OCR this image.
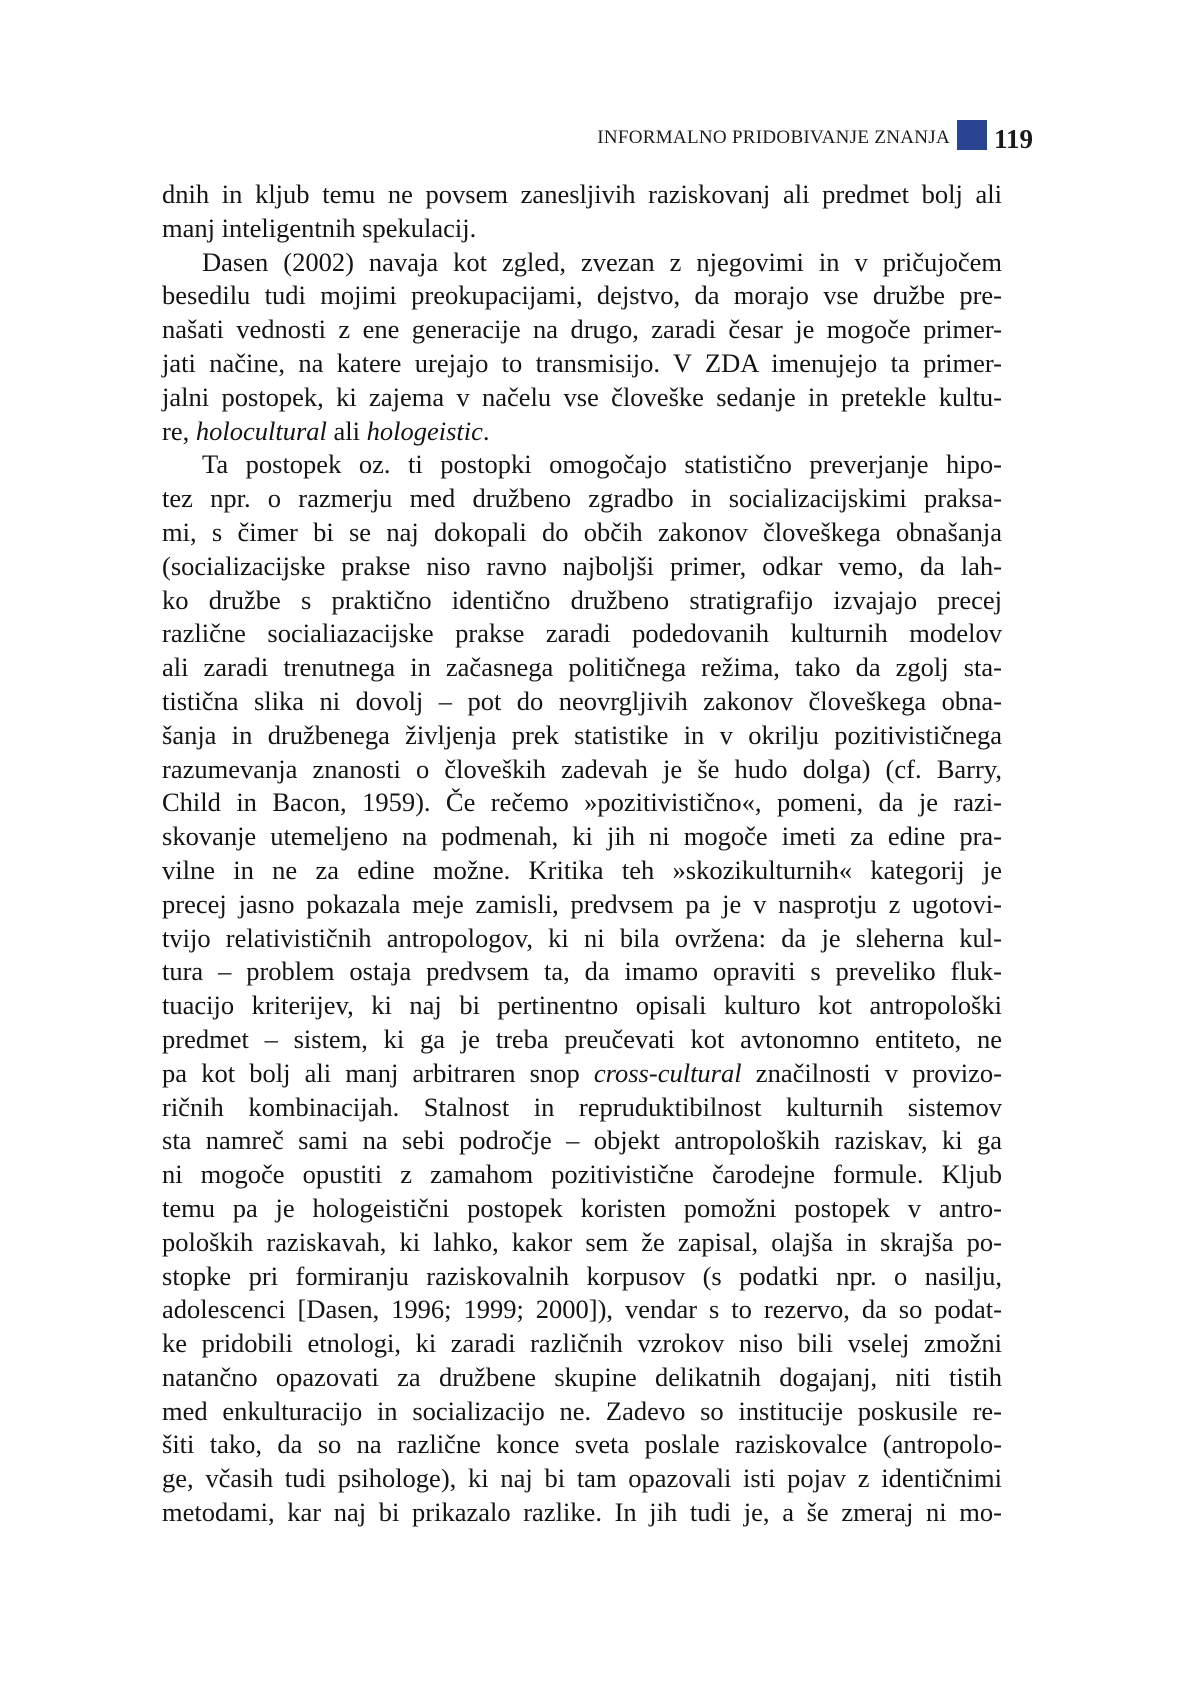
INFORMALNO PRIDOBIVANJE ZNANJA 119
dnih in kljub temu ne povsem zanesljivih raziskovanj ali predmet bolj ali
manj inteligentnih spekulacij.
Dasen (2002) navaja kot zgled, zvezan z njegovimi in v pričujočem
besedilu tudi mojimi preokupacijami, dejstvo, da morajo vse družbe pre-
našati vednosti z ene generacije na drugo, zaradi česar je mogoče primer-
jati načine, na katere urejajo to transmisijo. V ZDA imenujejo ta primer-
jalni postopek, ki zajema v načelu vse človeške sedanje in pretekle kultu-
re, holocultural ali hologeistic.
Ta postopek oz. ti postopki omogočajo statistično preverjanje hipo-
tez npr. o razmerju med družbeno zgradbo in socializacijskimi praksa-
mi, s čimer bi se naj dokopali do občih zakonov človeškega obnašanja
(socializacijske prakse niso ravno najboljši primer, odkar vemo, da lah-
ko družbe s praktično identično družbeno stratigrafijo izvajajo precej
različne socialiazacijske prakse zaradi podedovanih kulturnih modelov
ali zaradi trenutnega in začasnega političnega režima, tako da zgolj sta-
tistična slika ni dovolj – pot do neovrgljivih zakonov človeškega obna-
šanja in družbenega življenja prek statistike in v okrilju pozitivističnega
razumevanja znanosti o človeških zadevah je še hudo dolga) (cf. Barry,
Child in Bacon, 1959). Če rečemo »pozitivistično«, pomeni, da je razi-
skovanje utemeljeno na podmenah, ki jih ni mogoče imeti za edine pra-
vilne in ne za edine možne. Kritika teh »skozikulturnih« kategorij je
precej jasno pokazala meje zamisli, predvsem pa je v nasprotju z ugotovi-
tvijo relativističnih antropologov, ki ni bila ovržena: da je sleherna kul-
tura – problem ostaja predvsem ta, da imamo opraviti s preveliko fluk-
tuacijo kriterijev, ki naj bi pertinentno opisali kulturo kot antropološki
predmet – sistem, ki ga je treba preučevati kot avtonomno entiteto, ne
pa kot bolj ali manj arbitraren snop cross-cultural značilnosti v provizo-
ričnih kombinacijah. Stalnost in repruduktibilnost kulturnih sistemov
sta namreč sami na sebi področje – objekt antropoloških raziskav, ki ga
ni mogoče opustiti z zamahom pozitivistične čarodejne formule. Kljub
temu pa je hologeistični postopek koristen pomožni postopek v antro-
poloških raziskavah, ki lahko, kakor sem že zapisal, olajša in skrajša po-
stopke pri formiranju raziskovalnih korpusov (s podatki npr. o nasilju,
adolescenci [Dasen, 1996; 1999; 2000]), vendar s to rezervo, da so podat-
ke pridobili etnologi, ki zaradi različnih vzrokov niso bili vselej zmožni
natančno opazovati za družbene skupine delikatnih dogajanj, niti tistih
med enkulturacijo in socializacijo ne. Zadevo so institucije poskusile re-
šiti tako, da so na različne konce sveta poslale raziskovalce (antropolo-
ge, včasih tudi psihologe), ki naj bi tam opazovali isti pojav z identičnimi
metodami, kar naj bi prikazalo razlike. In jih tudi je, a še zmeraj ni mo-
